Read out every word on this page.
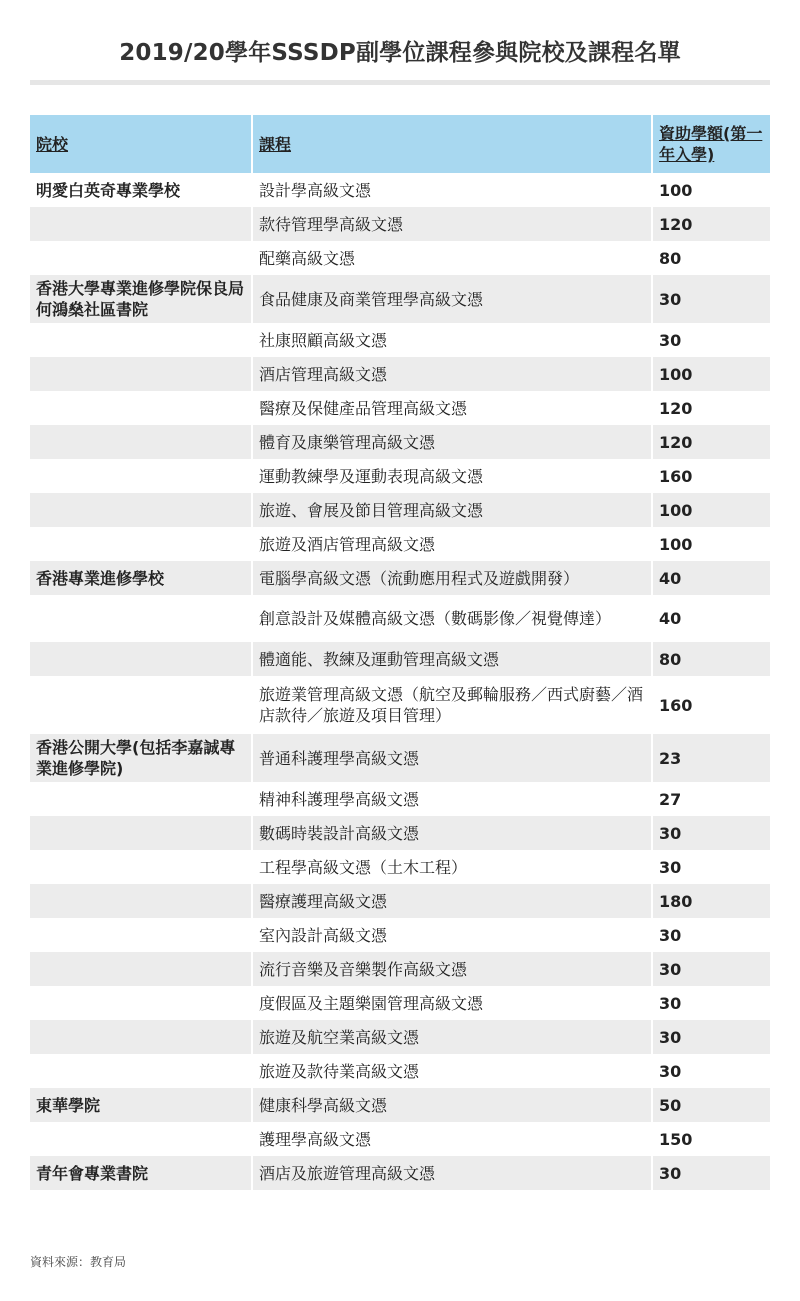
2019/20學年SSSDP副學位課程參與院校及課程名單
院校	課程	資助學額(第一年入學)
明愛白英奇專業學校	設計學高級文憑	100
	款待管理學高級文憑	120
	配藥高級文憑	80
香港大學專業進修學院保良局何鴻燊社區書院	食品健康及商業管理學高級文憑	30
	社康照顧高級文憑	30
	酒店管理高級文憑	100
	醫療及保健產品管理高級文憑	120
	體育及康樂管理高級文憑	120
	運動教練學及運動表現高級文憑	160
	旅遊、會展及節目管理高級文憑	100
	旅遊及酒店管理高級文憑	100
香港專業進修學校	電腦學高級文憑（流動應用程式及遊戲開發）	40
	創意設計及媒體高級文憑（數碼影像／視覺傳達）	40
	體適能、教練及運動管理高級文憑	80
	旅遊業管理高級文憑（航空及郵輪服務／西式廚藝／酒店款待／旅遊及項目管理）	160
香港公開大學(包括李嘉誠專業進修學院)	普通科護理學高級文憑	23
	精神科護理學高級文憑	27
	數碼時裝設計高級文憑	30
	工程學高級文憑（土木工程）	30
	醫療護理高級文憑	180
	室內設計高級文憑	30
	流行音樂及音樂製作高級文憑	30
	度假區及主題樂園管理高級文憑	30
	旅遊及航空業高級文憑	30
	旅遊及款待業高級文憑	30
東華學院	健康科學高級文憑	50
	護理學高級文憑	150
青年會專業書院	酒店及旅遊管理高級文憑	30
資料來源：教育局
